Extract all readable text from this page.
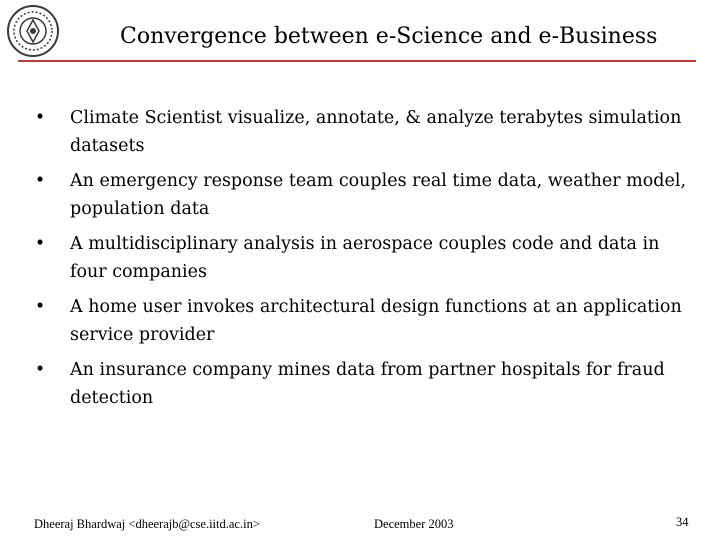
Convergence between e-Science and e-Business
• Climate Scientist visualize, annotate, & analyze terabytes simulation datasets
• An emergency response team couples real time data, weather model, population data
• A multidisciplinary analysis in aerospace couples code and data in four companies
• A home user invokes architectural design functions at an application service provider
• An insurance company mines data from partner hospitals for fraud detection
Dheeraj Bhardwaj <dheerajb@cse.iitd.ac.in>	December 2003	34
